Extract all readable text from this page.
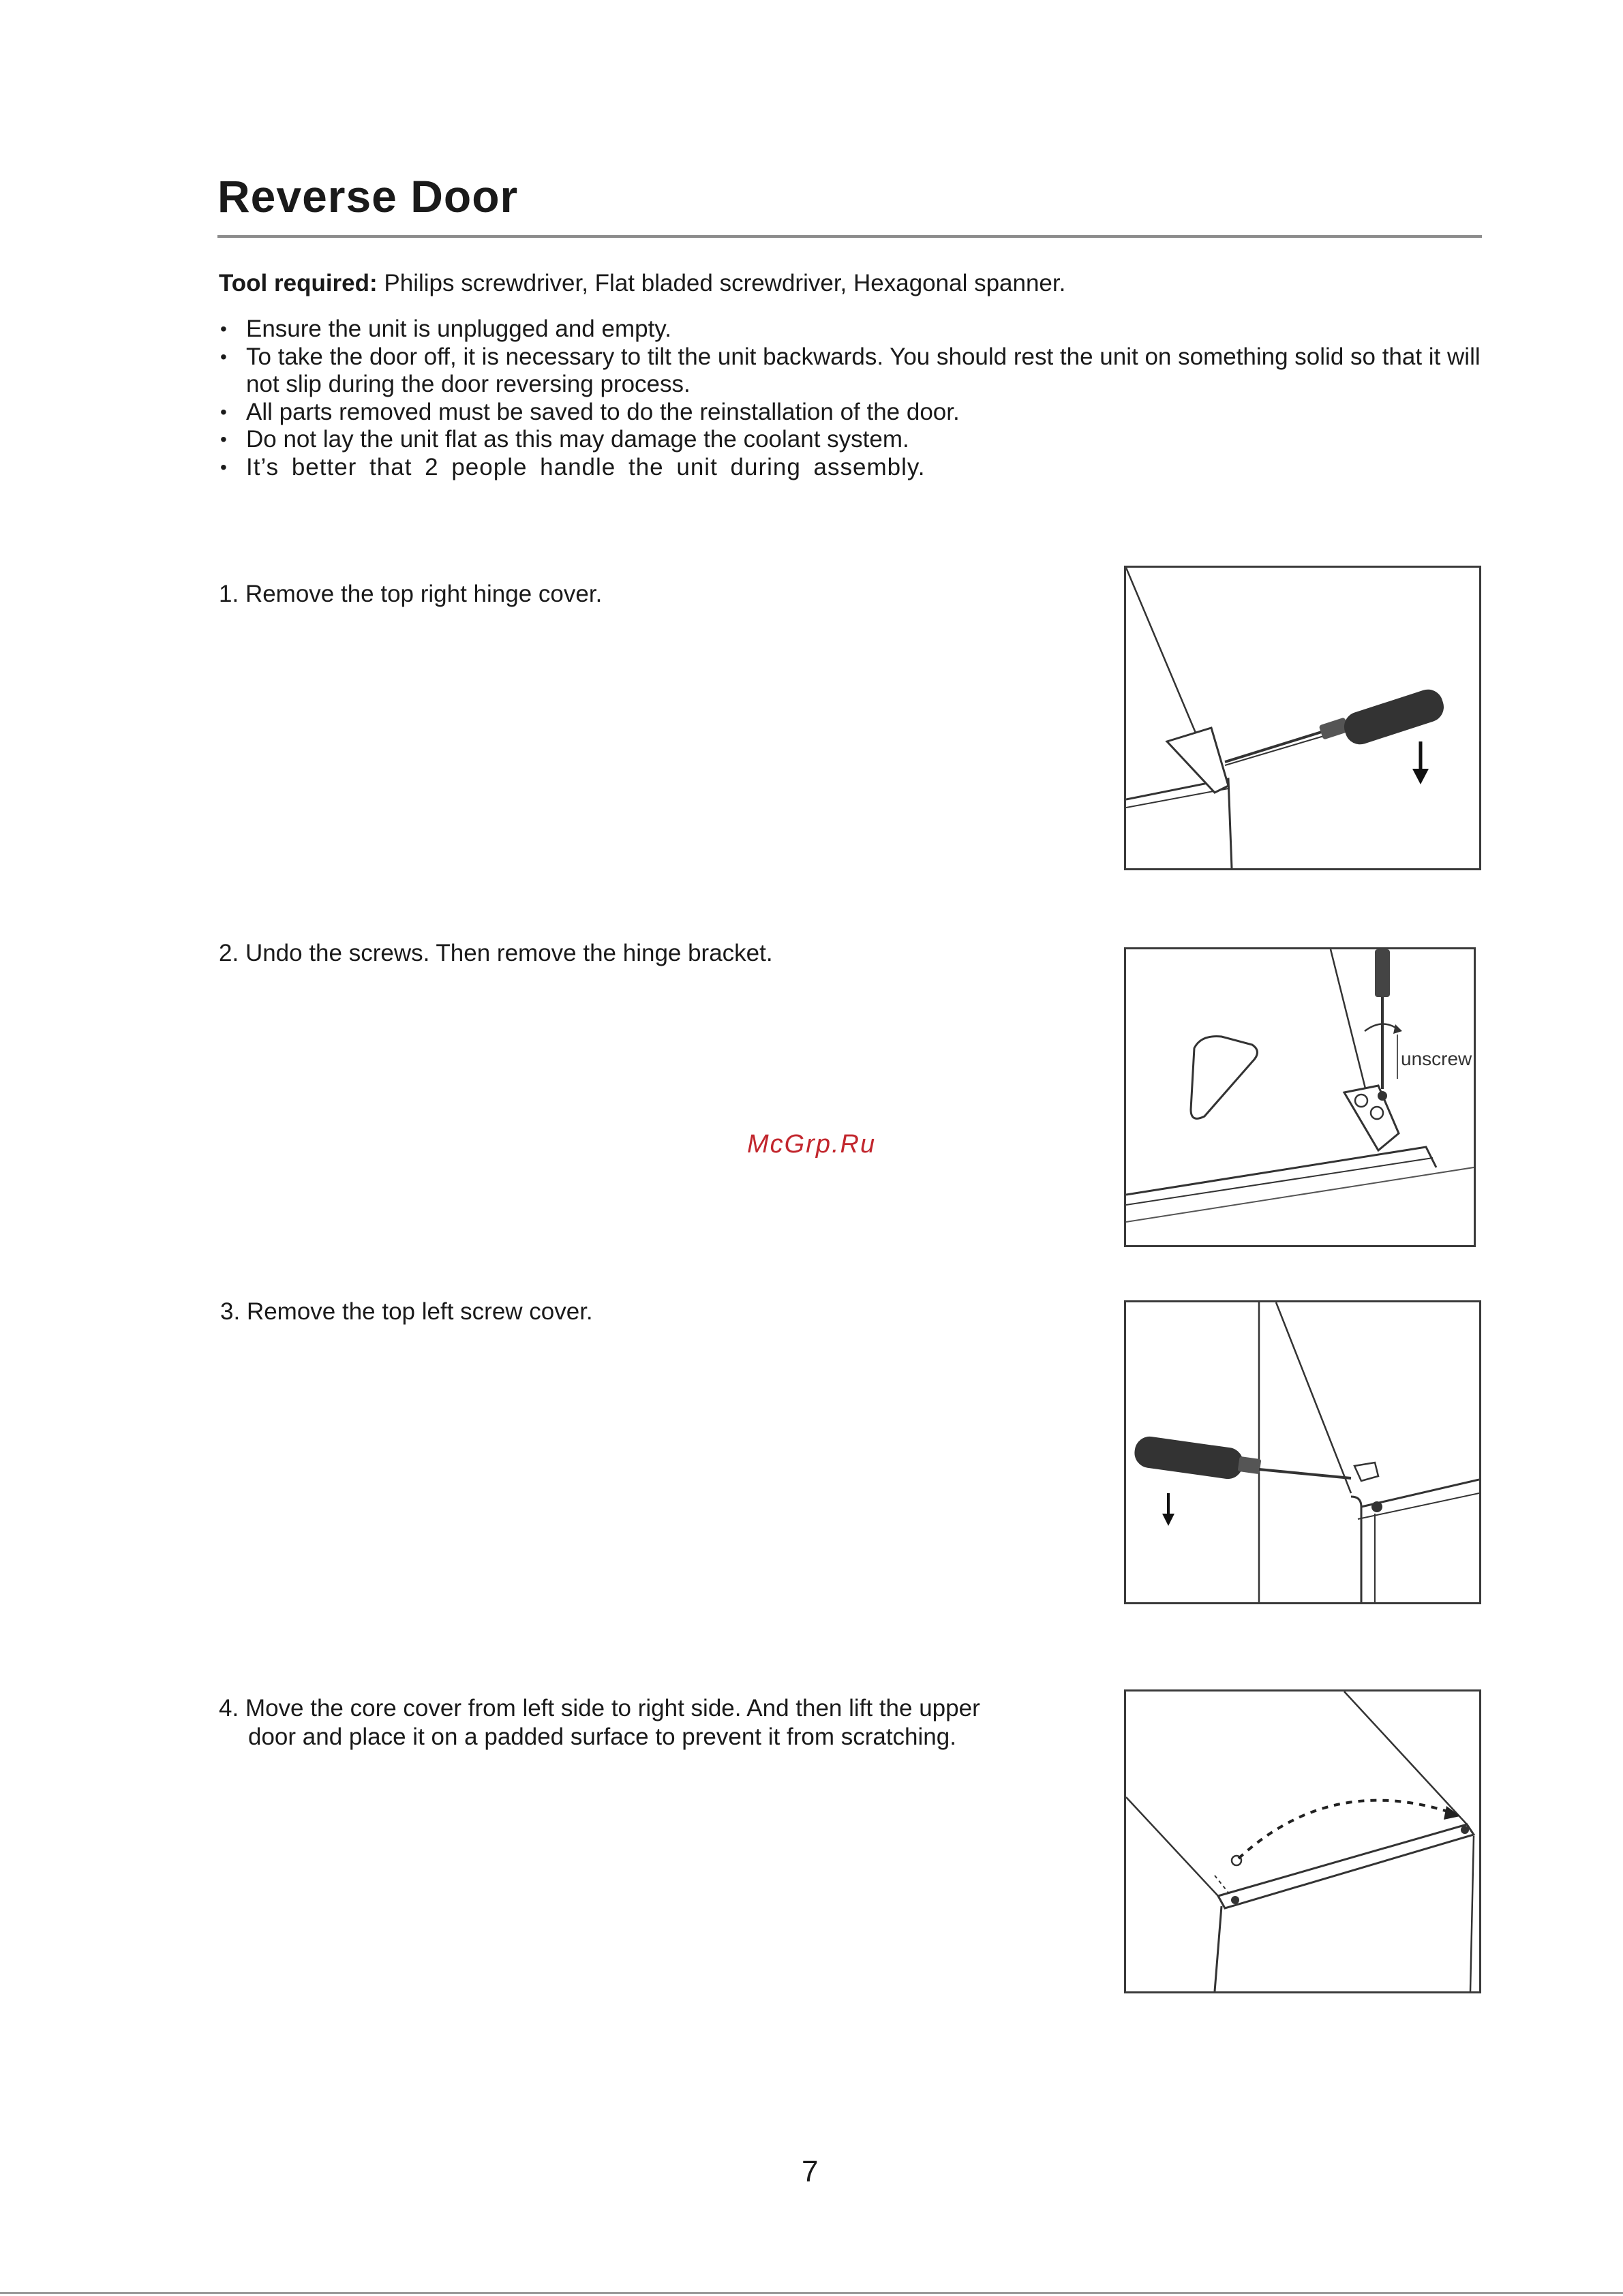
Reverse Door
Tool required: Philips screwdriver, Flat bladed screwdriver, Hexagonal spanner.
• Ensure the unit is unplugged and empty.
• To take the door off, it is necessary to tilt the unit backwards. You should rest the unit on something solid so that it will not slip during the door reversing process.
• All parts removed must be saved to do the reinstallation of the door.
• Do not lay the unit flat as this may damage the coolant system.
• It’s better that 2 people handle the unit during assembly.
1. Remove the top right hinge cover.
2. Undo the screws. Then remove the hinge bracket.
unscrew
McGrp.Ru
3. Remove the top left screw cover.
4. Move the core cover from left side to right side. And then lift the upper
door and place it on a padded surface to prevent it from scratching.
7
